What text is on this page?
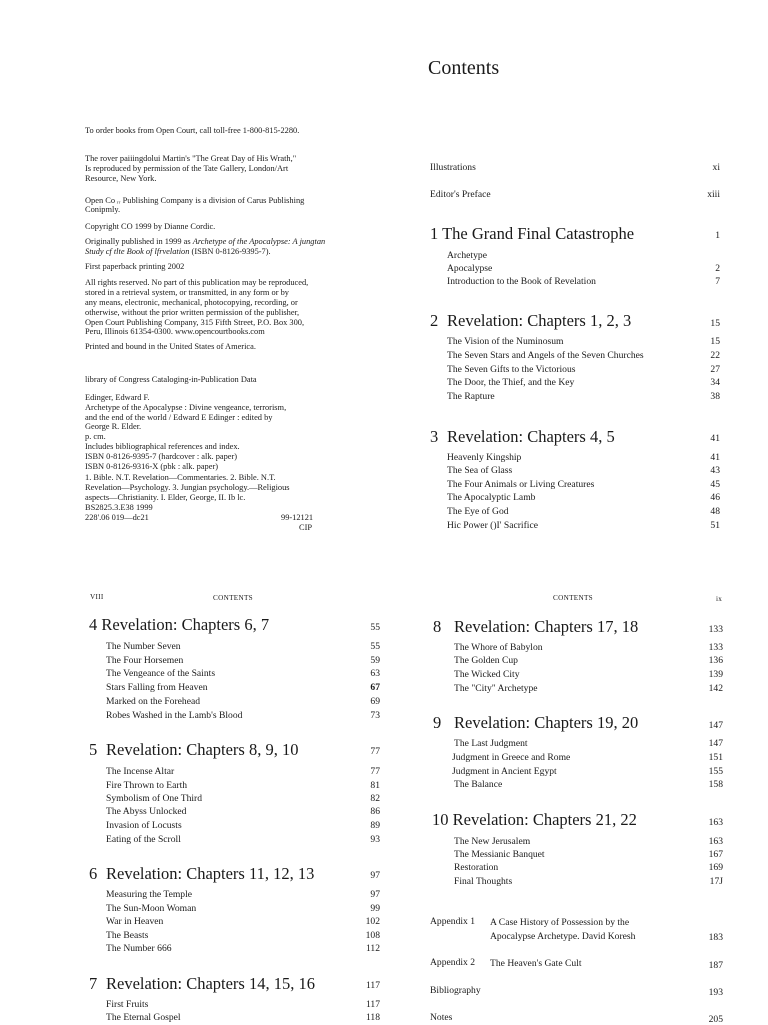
To order books from Open Court, call toll-free 1-800-815-2280.
The rover paiiingdolui Martin's "The Great Day of His Wrath,"
Is reproduced by permission of the Tate Gallery, London/Art
Resource, New York.
Open Co ᵣᵣ Publishing Company is a division of Carus Publishing
Conipmly.
Copyright CO 1999 by Dianne Cordic.
Originally published in 1999 as Archetype of the Apocalypse: A jungtan
Study cf tlte Book of lfrvelation (ISBN 0-8126-9395-7).
First paperback printing 2002
All rights reserved. No part of this publication may be reproduced,
stored in a retrieval system, or transmitted, in any form or by
any means, electronic, mechanical, photocopying, recording, or
otherwise, without the prior written permission of the publisher,
Open Court Publishing Company, 315 Fifth Street, P.O. Box 300,
Peru, Illinois 61354-0300. www.opencourtbooks.com
Printed and bound in the United States of America.
library of Congress Cataloging-in-Publication Data
Edinger, Edward F.
Archetype of the Apocalypse : Divine vengeance, terrorism,
and the end of the world / Edward E Edinger : edited by
George R. Elder.
p. cm.
Includes bibliographical references and index.
ISBN 0-8126-9395-7 (hardcover : alk. paper)
ISBN 0-8126-9316-X (pbk : alk. paper)
1. Bible. N.T. Revelation—Commentaries. 2. Bible. N.T.
Revelation—Psychology. 3. Jungian psychology.—Religious
aspects—Christianity. I. Elder, George, II. Ib lc.
BS2825.3.E38 1999
228'.06 019—dc21	99-12121
CIP
Contents
Illustrations	xi
Editor's Preface	xiii
1 The Grand Final Catastrophe	1
Archetype
Apocalypse	2
Introduction to the Book of Revelation	7
2 Revelation: Chapters 1, 2, 3	15
The Vision of the Numinosum	15
The Seven Stars and Angels of the Seven Churches	22
The Seven Gifts to the Victorious	27
The Door, the Thief, and the Key	34
The Rapture	38
3 Revelation: Chapters 4, 5	41
Heavenly Kingship	41
The Sea of Glass	43
The Four Animals or Living Creatures	45
The Apocalyptic Lamb	46
The Eye of God	48
Hic Power ()I' Sacrifice	51
VIII	CONTENTS
4 Revelation: Chapters 6, 7	55
The Number Seven	55
The Four Horsemen	59
The Vengeance of the Saints	63
Stars Falling from Heaven	67
Marked on the Forehead	69
Robes Washed in the Lamb's Blood	73
5 Revelation: Chapters 8, 9, 10	77
The Incense Altar	77
Fire Thrown to Earth	81
Symbolism of One Third	82
The Abyss Unlocked	86
Invasion of Locusts	89
Eating of the Scroll	93
6 Revelation: Chapters 11, 12, 13	97
Measuring the Temple	97
The Sun-Moon Woman	99
War in Heaven	102
The Beasts	108
The Number 666	112
7 Revelation: Chapters 14, 15, 16	117
First Fruits	117
The Eternal Gospel	118
CONTENTS	ix
8 Revelation: Chapters 17, 18	133
The Whore of Babylon	133
The Golden Cup	136
The Wicked City	139
The "City" Archetype	142
9 Revelation: Chapters 19, 20	147
The Last Judgment	147
Judgment in Greece and Rome	151
Judgment in Ancient Egypt	155
The Balance	158
10 Revelation: Chapters 21, 22	163
The New Jerusalem	163
The Messianic Banquet	167
Restoration	169
Final Thoughts	17J
Appendix 1 A Case History of Possession by the
Apocalypse Archetype. David Koresh	183
Appendix 2 The Heaven's Gate Cult	187
Bibliography	193
Notes	205
